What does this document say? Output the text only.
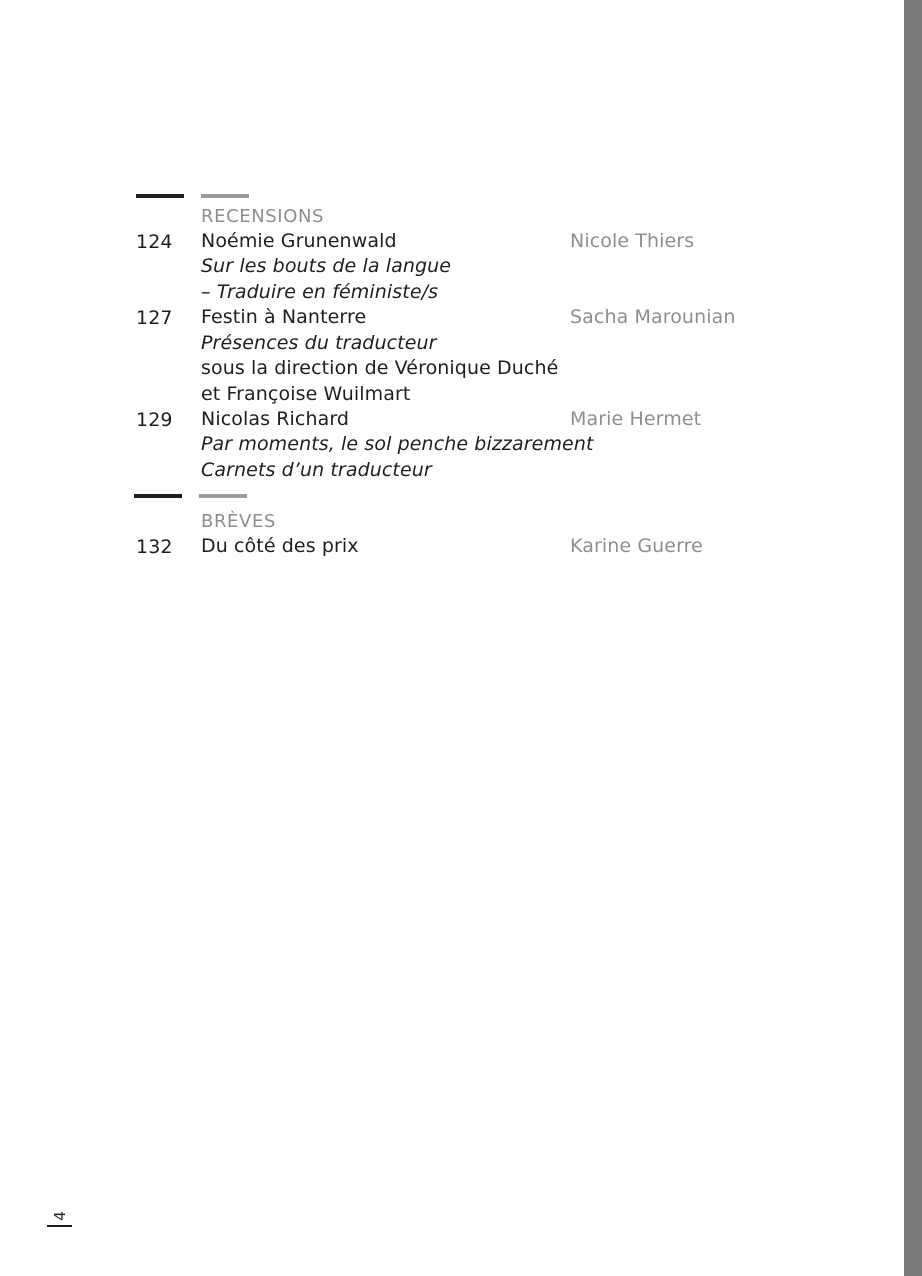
RECENSIONS
124 Noémie Grunenwald
Sur les bouts de la langue
– Traduire en féministe/s
Nicole Thiers
127 Festin à Nanterre
Présences du traducteur
sous la direction de Véronique Duché
et Françoise Wuilmart
Sacha Marounian
129 Nicolas Richard
Par moments, le sol penche bizzarement
Carnets d’un traducteur
Marie Hermet
BRÈVES
132 Du côté des prix	Karine Guerre
4
